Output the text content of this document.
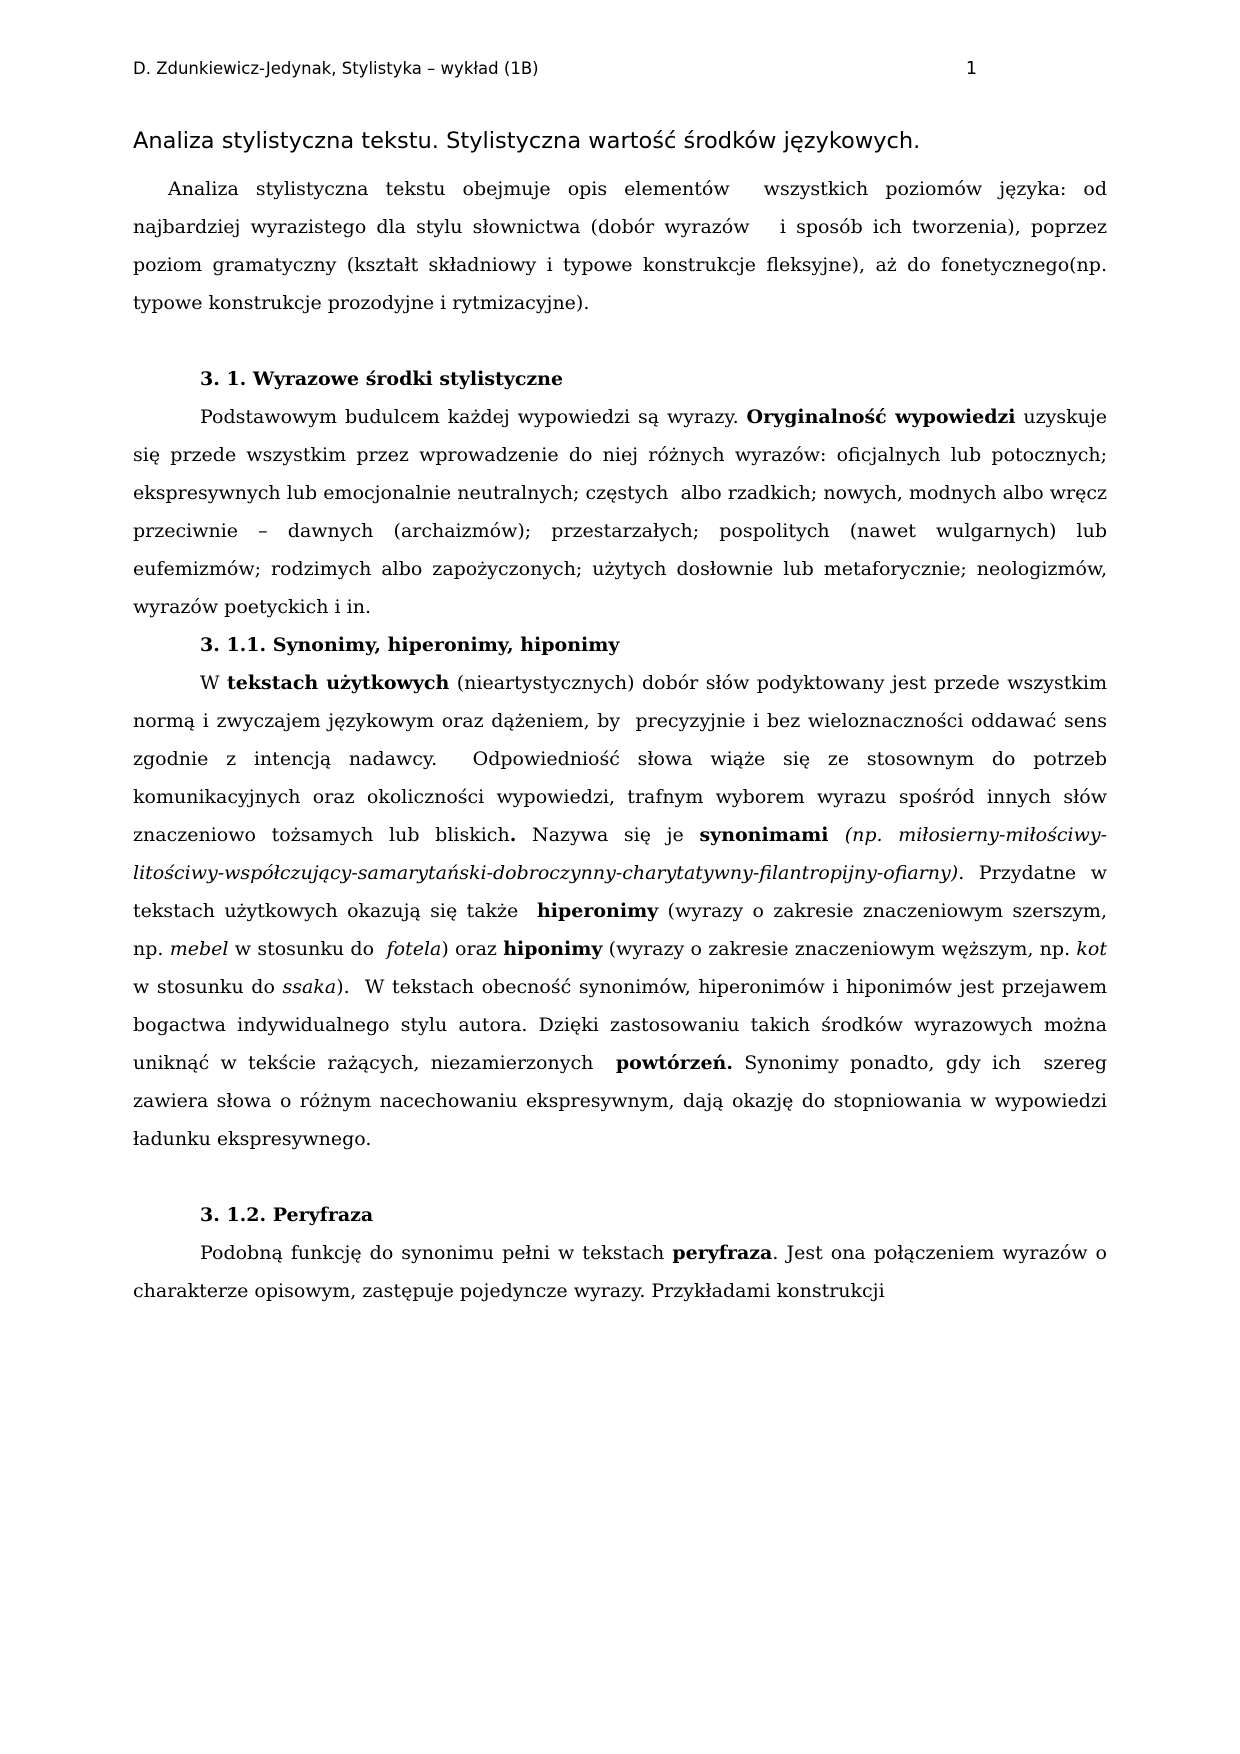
D. Zdunkiewicz-Jedynak, Stylistyka – wykład (1B)	1
Analiza stylistyczna tekstu. Stylistyczna wartość środków językowych.

Analiza stylistyczna tekstu obejmuje opis elementów  wszystkich poziomów języka: od najbardziej wyrazistego dla stylu słownictwa (dobór wyrazów   i sposób ich tworzenia), poprzez poziom gramatyczny (kształt składniowy i typowe konstrukcje fleksyjne), aż do fonetycznego(np. typowe konstrukcje prozodyjne i rytmizacyjne).

3. 1. Wyrazowe środki stylistyczne

Podstawowym budulcem każdej wypowiedzi są wyrazy. Oryginalność wypowiedzi uzyskuje się przede wszystkim przez wprowadzenie do niej różnych wyrazów: oficjalnych lub potocznych; ekspresywnych lub emocjonalnie neutralnych; częstych  albo rzadkich; nowych, modnych albo wręcz przeciwnie – dawnych (archaizmów); przestarzałych; pospolitych (nawet wulgarnych) lub eufemizmów; rodzimych albo zapożyczonych; użytych dosłownie lub metaforycznie; neologizmów, wyrazów poetyckich i in.

3. 1.1. Synonimy, hiperonimy, hiponimy

W tekstach użytkowych (nieartystycznych) dobór słów podyktowany jest przede wszystkim normą i zwyczajem językowym oraz dążeniem, by  precyzyjnie i bez wieloznaczności oddawać sens zgodnie z intencją nadawcy.  Odpowiedniość słowa wiąże się ze stosownym do potrzeb komunikacyjnych oraz okoliczności wypowiedzi, trafnym wyborem wyrazu spośród innych słów znaczeniowo tożsamych lub bliskich. Nazywa się je synonimami (np. miłosierny-miłościwy-litościwy-współczujący-samarytański-dobroczynny-charytatywny-filantropijny-ofiarny). Przydatne w tekstach użytkowych okazują się także  hiperonimy (wyrazy o zakresie znaczeniowym szerszym, np. mebel w stosunku do  fotela) oraz hiponimy (wyrazy o zakresie znaczeniowym węższym, np. kot w stosunku do ssaka).  W tekstach obecność synonimów, hiperonimów i hiponimów jest przejawem bogactwa indywidualnego stylu autora. Dzięki zastosowaniu takich środków wyrazowych można uniknąć w tekście rażących, niezamierzonych  powtórzeń. Synonimy ponadto, gdy ich  szereg  zawiera słowa o różnym nacechowaniu ekspresywnym, dają okazję do stopniowania w wypowiedzi ładunku ekspresywnego.

3. 1.2. Peryfraza

Podobną funkcję do synonimu pełni w tekstach peryfraza. Jest ona połączeniem wyrazów o charakterze opisowym, zastępuje pojedyncze wyrazy. Przykładami konstrukcji
